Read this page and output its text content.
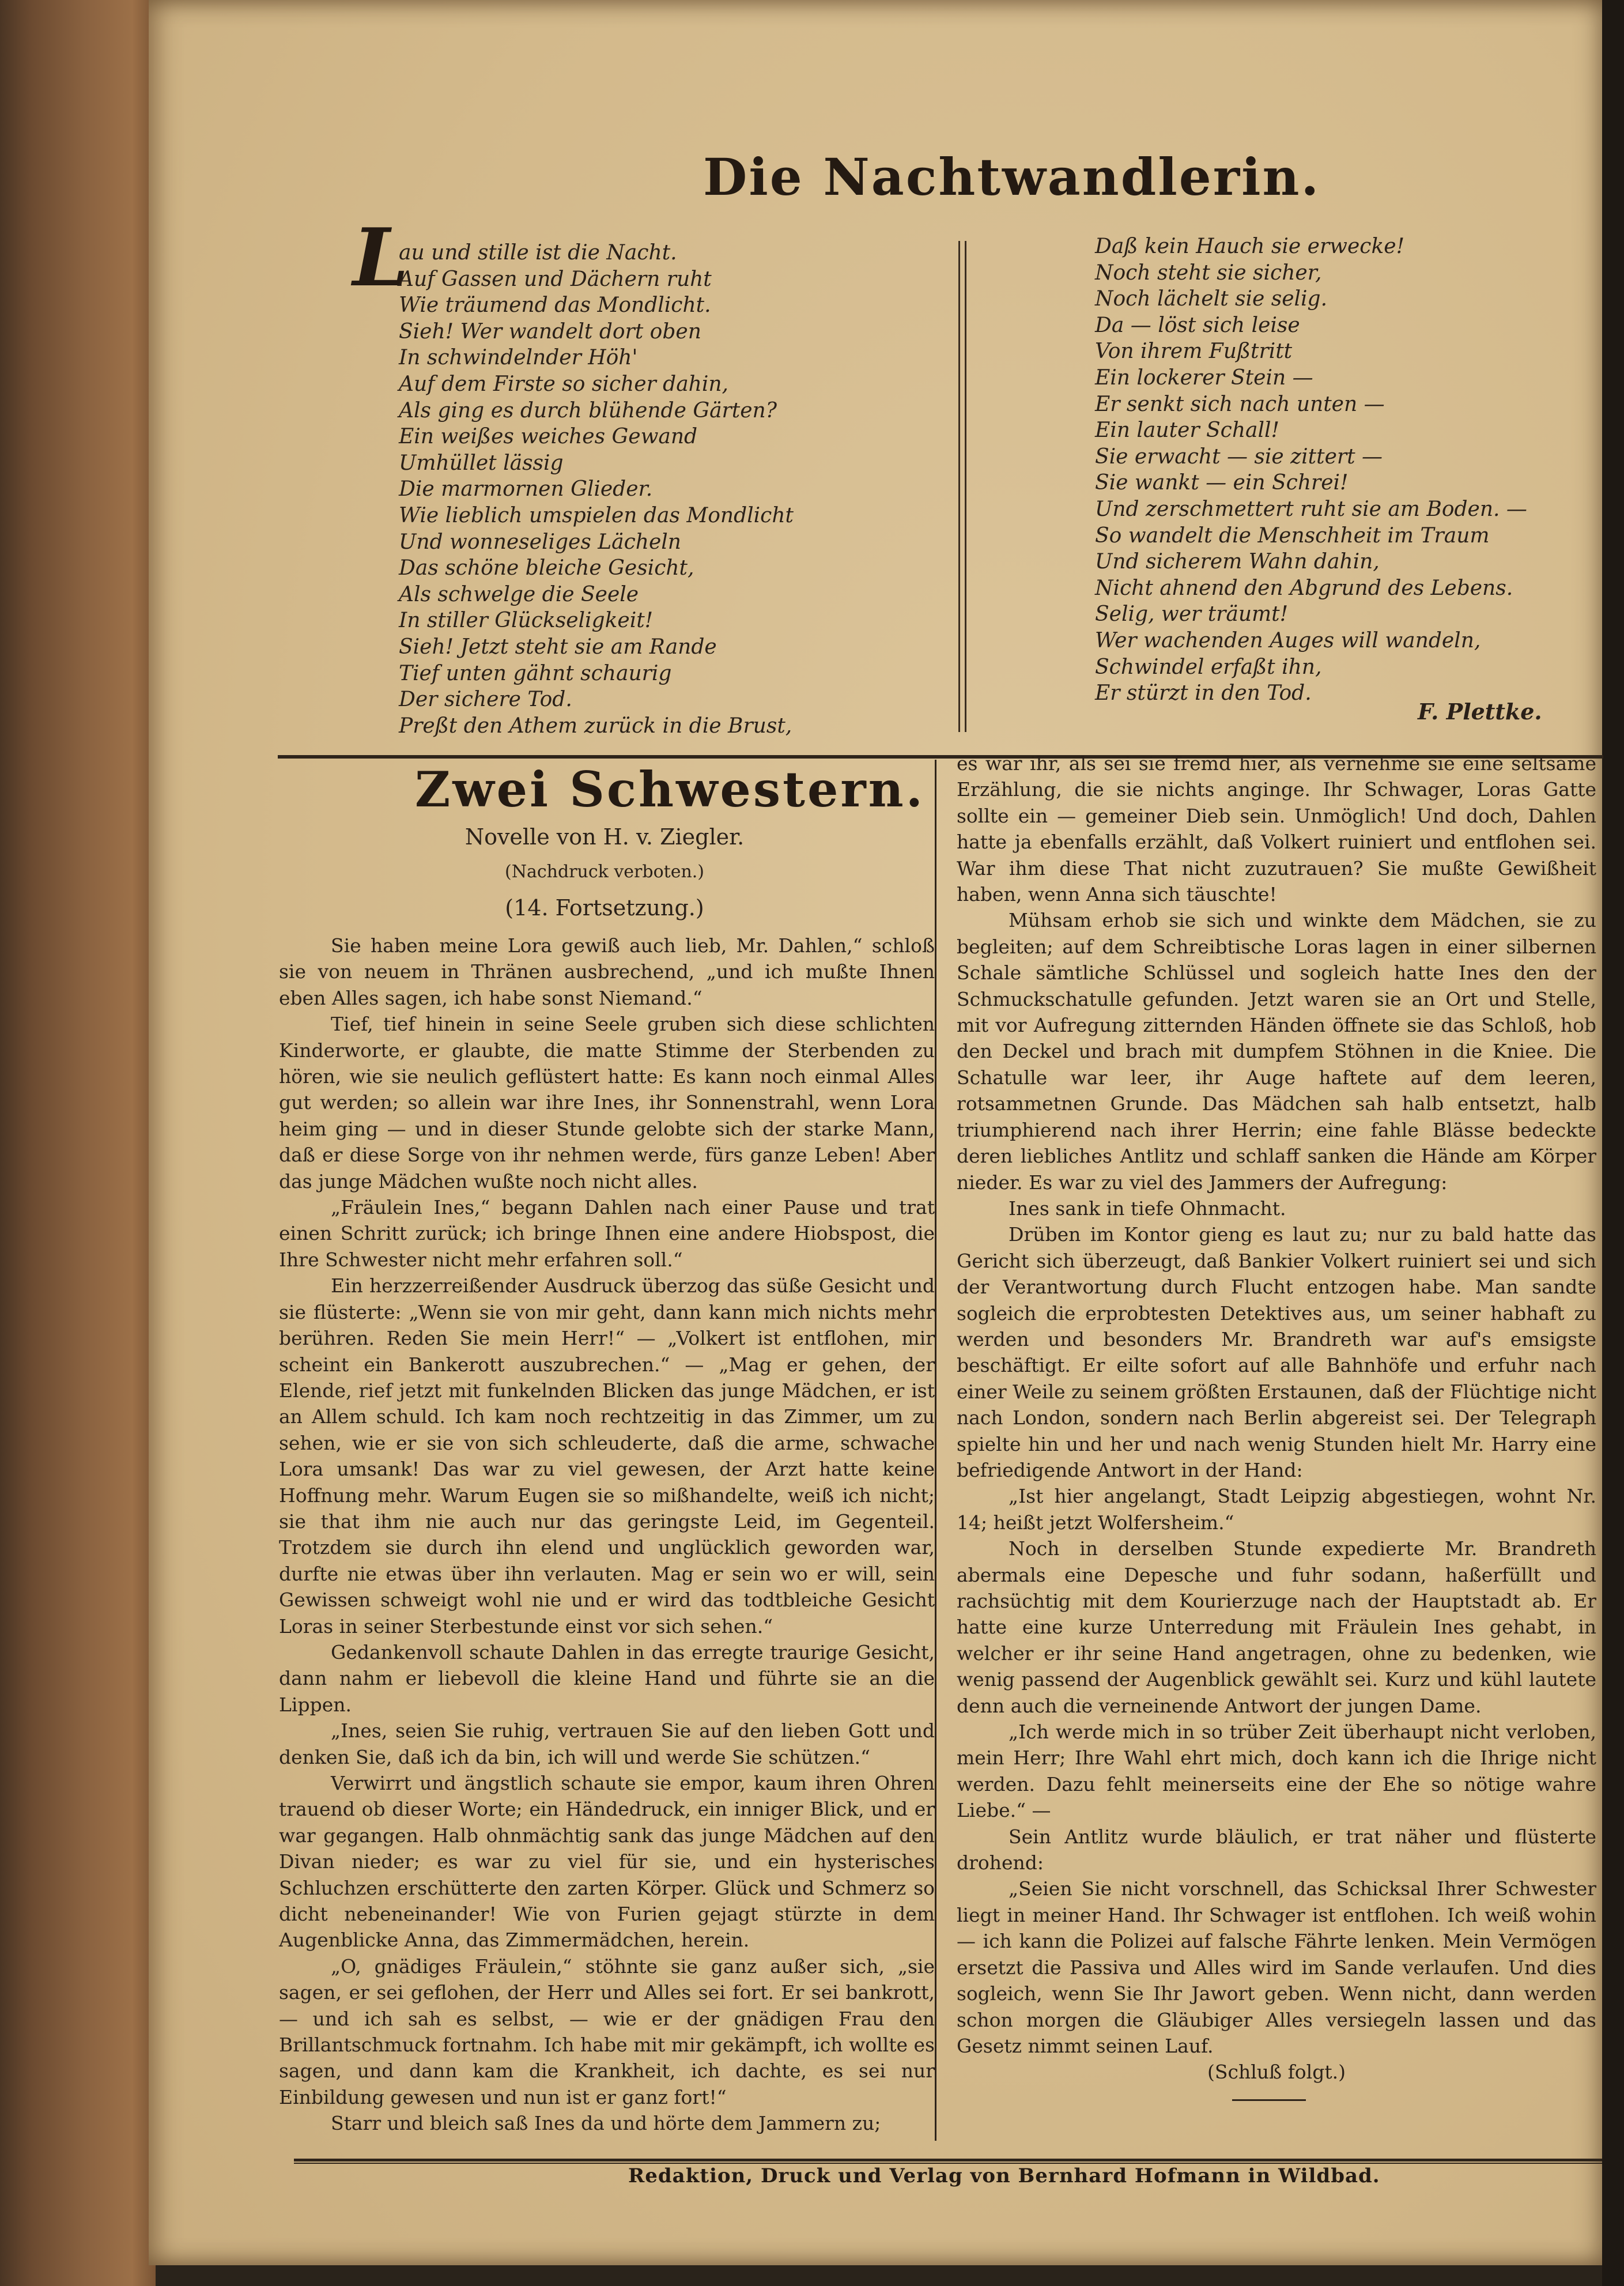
Die Nachtwandlerin.
L
au und stille ist die Nacht.
Auf Gassen und Dächern ruht
Wie träumend das Mondlicht.
Sieh! Wer wandelt dort oben
In schwindelnder Höh'
Auf dem Firste so sicher dahin,
Als ging es durch blühende Gärten?
Ein weißes weiches Gewand
Umhüllet lässig
Die marmornen Glieder.
Wie lieblich umspielen das Mondlicht
Und wonneseliges Lächeln
Das schöne bleiche Gesicht,
Als schwelge die Seele
In stiller Glückseligkeit!
Sieh! Jetzt steht sie am Rande
Tief unten gähnt schaurig
Der sichere Tod.
Preßt den Athem zurück in die Brust,
Daß kein Hauch sie erwecke!
Noch steht sie sicher,
Noch lächelt sie selig.
Da — löst sich leise
Von ihrem Fußtritt
Ein lockerer Stein —
Er senkt sich nach unten —
Ein lauter Schall!
Sie erwacht — sie zittert —
Sie wankt — ein Schrei!
Und zerschmettert ruht sie am Boden. —
So wandelt die Menschheit im Traum
Und sicherem Wahn dahin,
Nicht ahnend den Abgrund des Lebens.
Selig, wer träumt!
Wer wachenden Auges will wandeln,
Schwindel erfaßt ihn,
Er stürzt in den Tod.
F. Plettke.
Zwei Schwestern.
Novelle von H. v. Ziegler.
(Nachdruck verboten.)
(14. Fortsetzung.)

Sie haben meine Lora gewiß auch lieb, Mr. Dahlen,“ schloß sie von neuem in Thränen ausbrechend, „und ich mußte Ihnen eben Alles sagen, ich habe sonst Niemand.“

Tief, tief hinein in seine Seele gruben sich diese schlichten Kinderworte, er glaubte, die matte Stimme der Sterbenden zu hören, wie sie neulich geflüstert hatte: Es kann noch einmal Alles gut werden; so allein war ihre Ines, ihr Sonnenstrahl, wenn Lora heim ging — und in dieser Stunde gelobte sich der starke Mann, daß er diese Sorge von ihr nehmen werde, fürs ganze Leben! Aber das junge Mädchen wußte noch nicht alles.

„Fräulein Ines,“ begann Dahlen nach einer Pause und trat einen Schritt zurück; ich bringe Ihnen eine andere Hiobspost, die Ihre Schwester nicht mehr erfahren soll.“

Ein herzzerreißender Ausdruck überzog das süße Gesicht und sie flüsterte: „Wenn sie von mir geht, dann kann mich nichts mehr berühren. Reden Sie mein Herr!“ — „Volkert ist entflohen, mir scheint ein Bankerott auszubrechen.“ — „Mag er gehen, der Elende, rief jetzt mit funkelnden Blicken das junge Mädchen, er ist an Allem schuld. Ich kam noch rechtzeitig in das Zimmer, um zu sehen, wie er sie von sich schleuderte, daß die arme, schwache Lora umsank! Das war zu viel gewesen, der Arzt hatte keine Hoffnung mehr. Warum Eugen sie so mißhandelte, weiß ich nicht; sie that ihm nie auch nur das geringste Leid, im Gegenteil. Trotzdem sie durch ihn elend und unglücklich geworden war, durfte nie etwas über ihn verlauten. Mag er sein wo er will, sein Gewissen schweigt wohl nie und er wird das todtbleiche Gesicht Loras in seiner Sterbestunde einst vor sich sehen.“

Gedankenvoll schaute Dahlen in das erregte traurige Gesicht, dann nahm er liebevoll die kleine Hand und führte sie an die Lippen.

„Ines, seien Sie ruhig, vertrauen Sie auf den lieben Gott und denken Sie, daß ich da bin, ich will und werde Sie schützen.“

Verwirrt und ängstlich schaute sie empor, kaum ihren Ohren trauend ob dieser Worte; ein Händedruck, ein inniger Blick, und er war gegangen. Halb ohnmächtig sank das junge Mädchen auf den Divan nieder; es war zu viel für sie, und ein hysterisches Schluchzen erschütterte den zarten Körper. Glück und Schmerz so dicht nebeneinander! Wie von Furien gejagt stürzte in dem Augenblicke Anna, das Zimmermädchen, herein.

„O, gnädiges Fräulein,“ stöhnte sie ganz außer sich, „sie sagen, er sei geflohen, der Herr und Alles sei fort. Er sei bankrott, — und ich sah es selbst, — wie er der gnädigen Frau den Brillantschmuck fortnahm. Ich habe mit mir gekämpft, ich wollte es sagen, und dann kam die Krankheit, ich dachte, es sei nur Einbildung gewesen und nun ist er ganz fort!“

Starr und bleich saß Ines da und hörte dem Jammern zu;

es war ihr, als sei sie fremd hier, als vernehme sie eine seltsame Erzählung, die sie nichts anginge. Ihr Schwager, Loras Gatte sollte ein — gemeiner Dieb sein. Unmöglich! Und doch, Dahlen hatte ja ebenfalls erzählt, daß Volkert ruiniert und entflohen sei. War ihm diese That nicht zuzutrauen? Sie mußte Gewißheit haben, wenn Anna sich täuschte!

Mühsam erhob sie sich und winkte dem Mädchen, sie zu begleiten; auf dem Schreibtische Loras lagen in einer silbernen Schale sämtliche Schlüssel und sogleich hatte Ines den der Schmuckschatulle gefunden. Jetzt waren sie an Ort und Stelle, mit vor Aufregung zitternden Händen öffnete sie das Schloß, hob den Deckel und brach mit dumpfem Stöhnen in die Kniee. Die Schatulle war leer, ihr Auge haftete auf dem leeren, rotsammetnen Grunde. Das Mädchen sah halb entsetzt, halb triumphierend nach ihrer Herrin; eine fahle Blässe bedeckte deren liebliches Antlitz und schlaff sanken die Hände am Körper nieder. Es war zu viel des Jammers der Aufregung:

Ines sank in tiefe Ohnmacht.

Drüben im Kontor gieng es laut zu; nur zu bald hatte das Gericht sich überzeugt, daß Bankier Volkert ruiniert sei und sich der Verantwortung durch Flucht entzogen habe. Man sandte sogleich die erprobtesten Detektives aus, um seiner habhaft zu werden und besonders Mr. Brandreth war auf's emsigste beschäftigt. Er eilte sofort auf alle Bahnhöfe und erfuhr nach einer Weile zu seinem größten Erstaunen, daß der Flüchtige nicht nach London, sondern nach Berlin abgereist sei. Der Telegraph spielte hin und her und nach wenig Stunden hielt Mr. Harry eine befriedigende Antwort in der Hand:

„Ist hier angelangt, Stadt Leipzig abgestiegen, wohnt Nr. 14; heißt jetzt Wolfersheim.“

Noch in derselben Stunde expedierte Mr. Brandreth abermals eine Depesche und fuhr sodann, haßerfüllt und rachsüchtig mit dem Kourierzuge nach der Hauptstadt ab. Er hatte eine kurze Unterredung mit Fräulein Ines gehabt, in welcher er ihr seine Hand angetragen, ohne zu bedenken, wie wenig passend der Augenblick gewählt sei. Kurz und kühl lautete denn auch die verneinende Antwort der jungen Dame.

„Ich werde mich in so trüber Zeit überhaupt nicht verloben, mein Herr; Ihre Wahl ehrt mich, doch kann ich die Ihrige nicht werden. Dazu fehlt meinerseits eine der Ehe so nötige wahre Liebe.“ —

Sein Antlitz wurde bläulich, er trat näher und flüsterte drohend:

„Seien Sie nicht vorschnell, das Schicksal Ihrer Schwester liegt in meiner Hand. Ihr Schwager ist entflohen. Ich weiß wohin — ich kann die Polizei auf falsche Fährte lenken. Mein Vermögen ersetzt die Passiva und Alles wird im Sande verlaufen. Und dies sogleich, wenn Sie Ihr Jawort geben. Wenn nicht, dann werden schon morgen die Gläubiger Alles versiegeln lassen und das Gesetz nimmt seinen Lauf.

(Schluß folgt.)

Redaktion, Druck und Verlag von Bernhard Hofmann in Wildbad.
